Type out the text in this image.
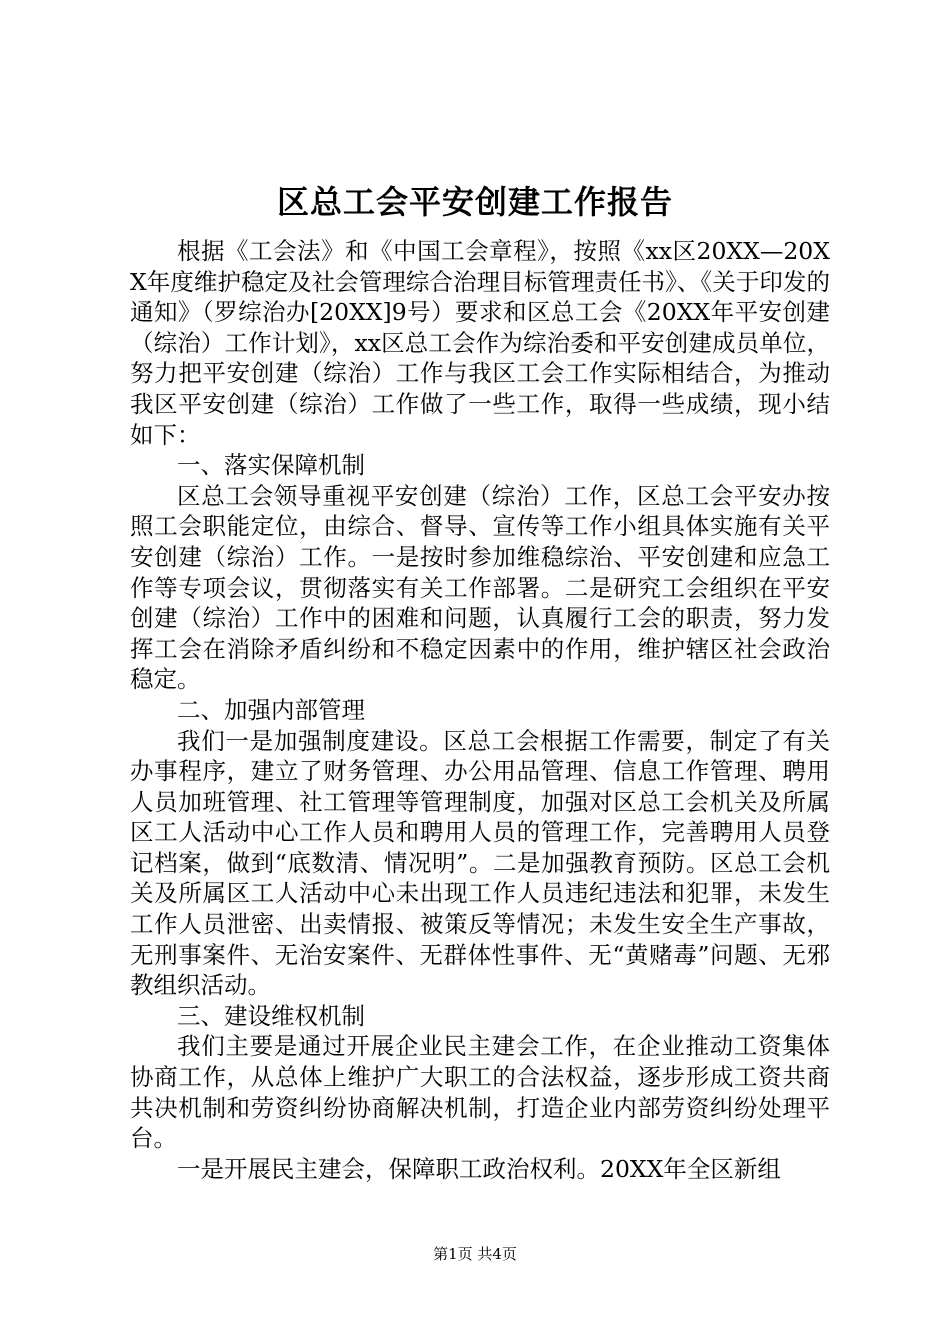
区总工会平安创建工作报告

根据《工会法》和《中国工会章程》，按照《xx区20XX—20XX年度维护稳定及社会管理综合治理目标管理责任书》、《关于印发的通知》（罗综治办[20XX]9号）要求和区总工会《20XX年平安创建（综治）工作计划》，xx区总工会作为综治委和平安创建成员单位，努力把平安创建（综治）工作与我区工会工作实际相结合，为推动我区平安创建（综治）工作做了一些工作，取得一些成绩，现小结如下：

一、落实保障机制

区总工会领导重视平安创建（综治）工作，区总工会平安办按照工会职能定位，由综合、督导、宣传等工作小组具体实施有关平安创建（综治）工作。一是按时参加维稳综治、平安创建和应急工作等专项会议，贯彻落实有关工作部署。二是研究工会组织在平安创建（综治）工作中的困难和问题，认真履行工会的职责，努力发挥工会在消除矛盾纠纷和不稳定因素中的作用，维护辖区社会政治稳定。

二、加强内部管理

我们一是加强制度建设。区总工会根据工作需要，制定了有关办事程序，建立了财务管理、办公用品管理、信息工作管理、聘用人员加班管理、社工管理等管理制度，加强对区总工会机关及所属区工人活动中心工作人员和聘用人员的管理工作，完善聘用人员登记档案，做到“底数清、情况明”。二是加强教育预防。区总工会机关及所属区工人活动中心未出现工作人员违纪违法和犯罪，未发生工作人员泄密、出卖情报、被策反等情况；未发生安全生产事故，无刑事案件、无治安案件、无群体性事件、无“黄赌毒”问题、无邪教组织活动。

三、建设维权机制

我们主要是通过开展企业民主建会工作，在企业推动工资集体协商工作，从总体上维护广大职工的合法权益，逐步形成工资共商共决机制和劳资纠纷协商解决机制，打造企业内部劳资纠纷处理平台。

一是开展民主建会，保障职工政治权利。20XX年全区新组

第1页 共4页
